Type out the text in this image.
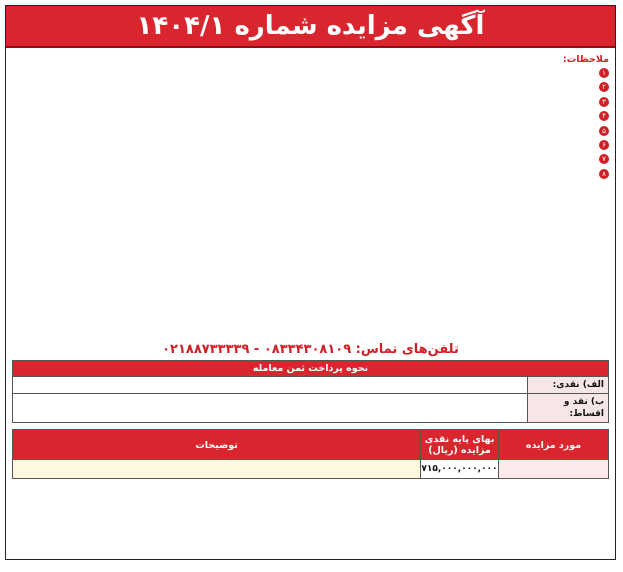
آگهی مزایده شماره ۱۴۰۴/۱

ملاحظات:

۱

۲

۳

۴

۵

۶

۷

۸

تلفن‌های تماس: ۰۸۳۳۴۳۰۸۱۰۹ - ۰۲۱۸۸۷۳۳۳۳۹
نحوه پرداخت ثمن معامله
الف) نقدی:
ب) نقد و اقساط:
مورد مزایده
بهای پایه نقدی مزایده (ریال)
توضیحات
۷۱۵,۰۰۰,۰۰۰,۰۰۰
